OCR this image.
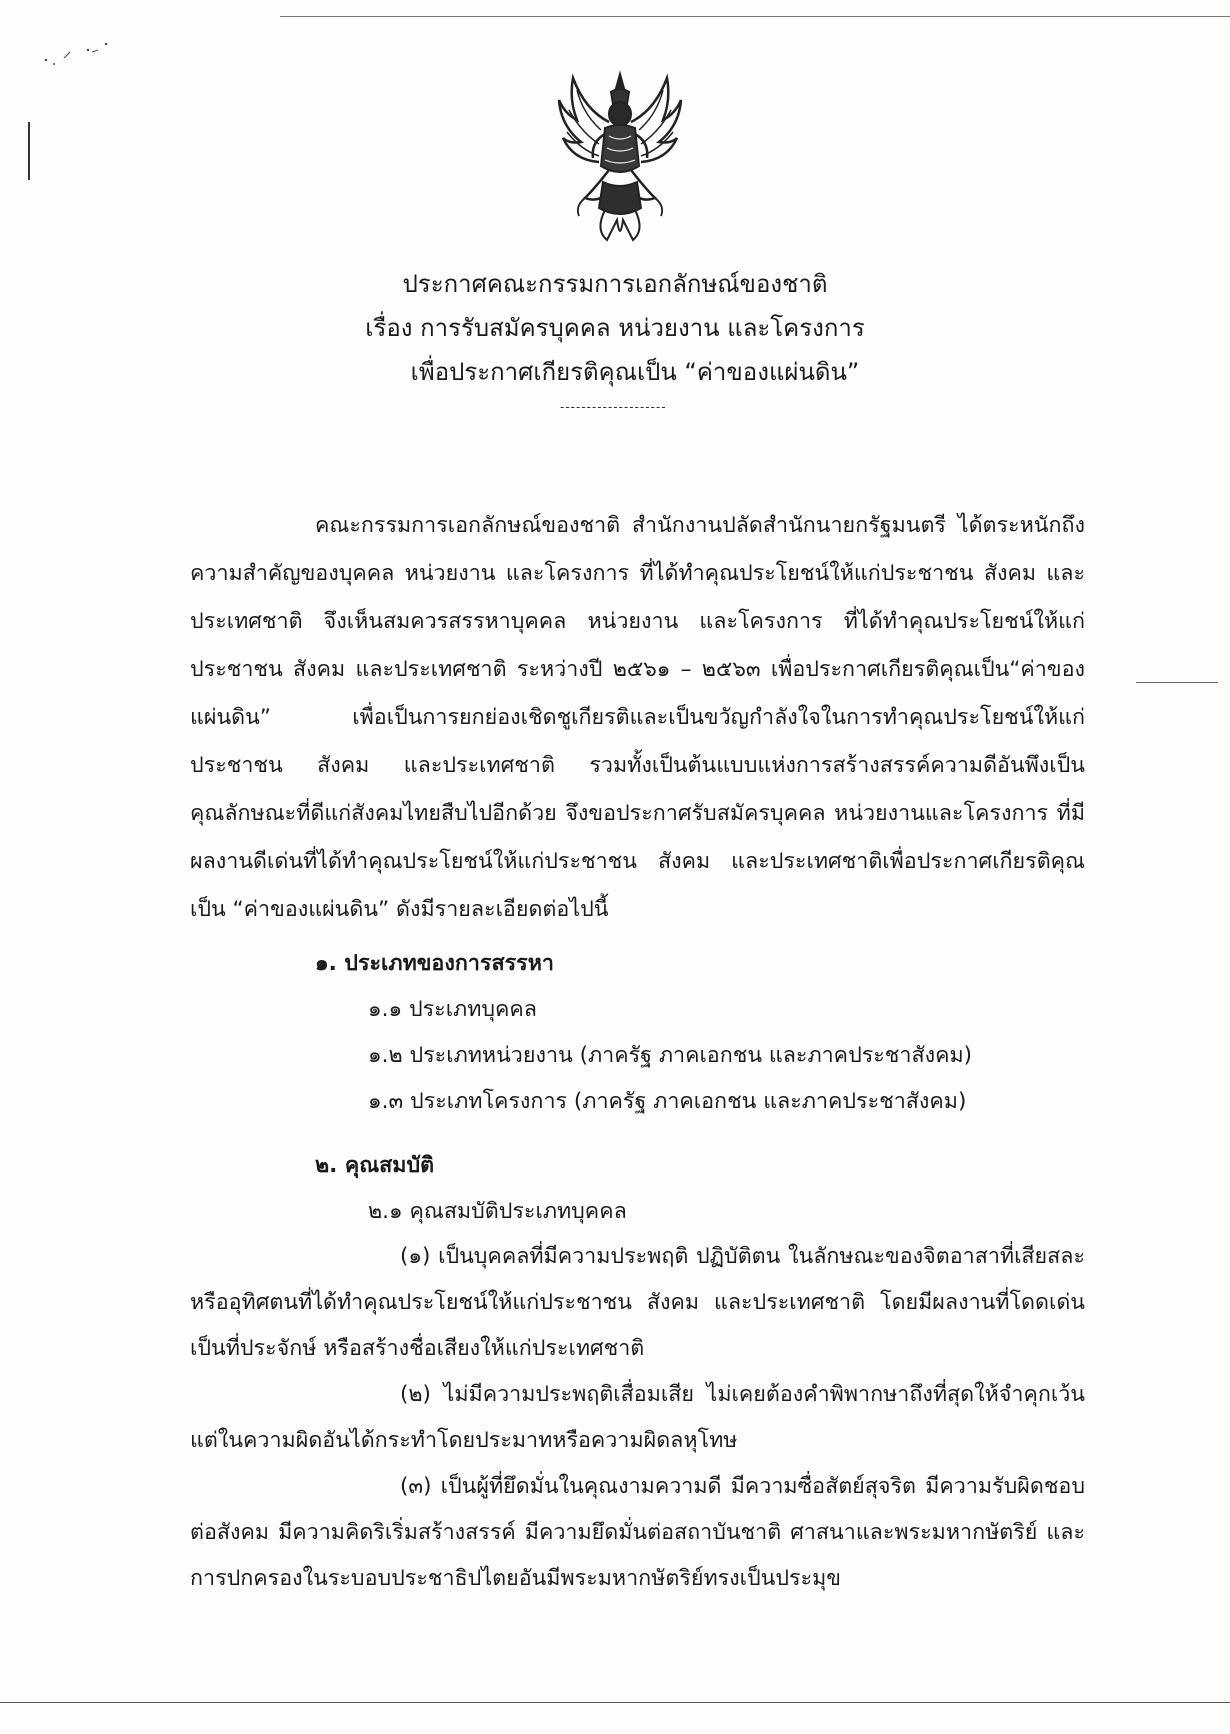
ประกาศคณะกรรมการเอกลักษณ์ของชาติ
เรื่อง การรับสมัครบุคคล หน่วยงาน และโครงการ
เพื่อประกาศเกียรติคุณเป็น “ค่าของแผ่นดิน”
--------------------

คณะกรรมการเอกลักษณ์ของชาติ สำนักงานปลัดสำนักนายกรัฐมนตรี ได้ตระหนักถึงความสำคัญของบุคคล หน่วยงาน และโครงการ ที่ได้ทำคุณประโยชน์ให้แก่ประชาชน สังคม และประเทศชาติ จึงเห็นสมควรสรรหาบุคคล หน่วยงาน และโครงการ ที่ได้ทำคุณประโยชน์ให้แก่ประชาชน สังคม และประเทศชาติ ระหว่างปี ๒๕๖๑ – ๒๕๖๓ เพื่อประกาศเกียรติคุณเป็น“ค่าของแผ่นดิน” เพื่อเป็นการยกย่องเชิดชูเกียรติและเป็นขวัญกำลังใจในการทำคุณประโยชน์ให้แก่ประชาชน สังคม และประเทศชาติ รวมทั้งเป็นต้นแบบแห่งการสร้างสรรค์ความดีอันพึงเป็นคุณลักษณะที่ดีแก่สังคมไทยสืบไปอีกด้วย จึงขอประกาศรับสมัครบุคคล หน่วยงานและโครงการ ที่มีผลงานดีเด่นที่ได้ทำคุณประโยชน์ให้แก่ประชาชน สังคม และประเทศชาติเพื่อประกาศเกียรติคุณเป็น “ค่าของแผ่นดิน” ดังมีรายละเอียดต่อไปนี้

๑. ประเภทของการสรรหา
๑.๑ ประเภทบุคคล
๑.๒ ประเภทหน่วยงาน (ภาครัฐ ภาคเอกชน และภาคประชาสังคม)
๑.๓ ประเภทโครงการ (ภาครัฐ ภาคเอกชน และภาคประชาสังคม)
๒. คุณสมบัติ
๒.๑ คุณสมบัติประเภทบุคคล

(๑) เป็นบุคคลที่มีความประพฤติ ปฏิบัติตน ในลักษณะของจิตอาสาที่เสียสละ หรืออุทิศตนที่ได้ทำคุณประโยชน์ให้แก่ประชาชน สังคม และประเทศชาติ โดยมีผลงานที่โดดเด่นเป็นที่ประจักษ์ หรือสร้างชื่อเสียงให้แก่ประเทศชาติ

(๒) ไม่มีความประพฤติเสื่อมเสีย ไม่เคยต้องคำพิพากษาถึงที่สุดให้จำคุกเว้นแต่ในความผิดอันได้กระทำโดยประมาทหรือความผิดลหุโทษ

(๓) เป็นผู้ที่ยึดมั่นในคุณงามความดี มีความซื่อสัตย์สุจริต มีความรับผิดชอบต่อสังคม มีความคิดริเริ่มสร้างสรรค์ มีความยึดมั่นต่อสถาบันชาติ ศาสนาและพระมหากษัตริย์ และการปกครองในระบอบประชาธิปไตยอันมีพระมหากษัตริย์ทรงเป็นประมุข
